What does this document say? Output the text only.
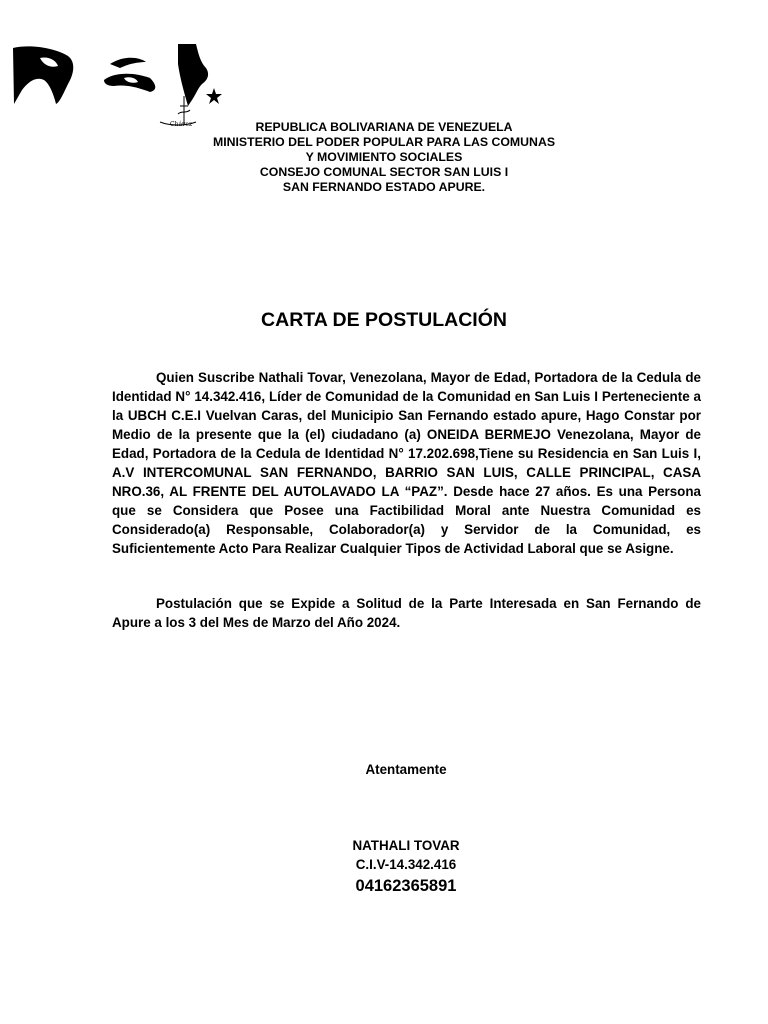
Chávez	REPUBLICA BOLIVARIANA DE VENEZUELA
MINISTERIO DEL PODER POPULAR PARA LAS COMUNAS
Y MOVIMIENTO SOCIALES
CONSEJO COMUNAL SECTOR SAN LUIS I
SAN FERNANDO ESTADO APURE.
CARTA DE POSTULACIÓN

Quien Suscribe Nathali Tovar, Venezolana, Mayor de Edad, Portadora de la Cedula de Identidad N° 14.342.416, Líder de Comunidad de la Comunidad en San Luis I Perteneciente a la UBCH C.E.I Vuelvan Caras, del Municipio San Fernando estado apure, Hago Constar por Medio de la presente que la (el) ciudadano (a) ONEIDA BERMEJO Venezolana, Mayor de Edad, Portadora de la Cedula de Identidad N° 17.202.698,Tiene su Residencia en San Luis I, A.V INTERCOMUNAL SAN FERNANDO, BARRIO SAN LUIS, CALLE PRINCIPAL, CASA NRO.36, AL FRENTE DEL AUTOLAVADO LA “PAZ”. Desde hace 27 años. Es una Persona que se Considera que Posee una Factibilidad Moral ante Nuestra Comunidad es Considerado(a) Responsable, Colaborador(a) y Servidor de la Comunidad, es Suficientemente Acto Para Realizar Cualquier Tipos de Actividad Laboral que se Asigne.

Postulación que se Expide a Solitud de la Parte Interesada en San Fernando de Apure a los 3 del Mes de Marzo del Año 2024.

Atentamente
NATHALI TOVAR
C.I.V-14.342.416
04162365891
